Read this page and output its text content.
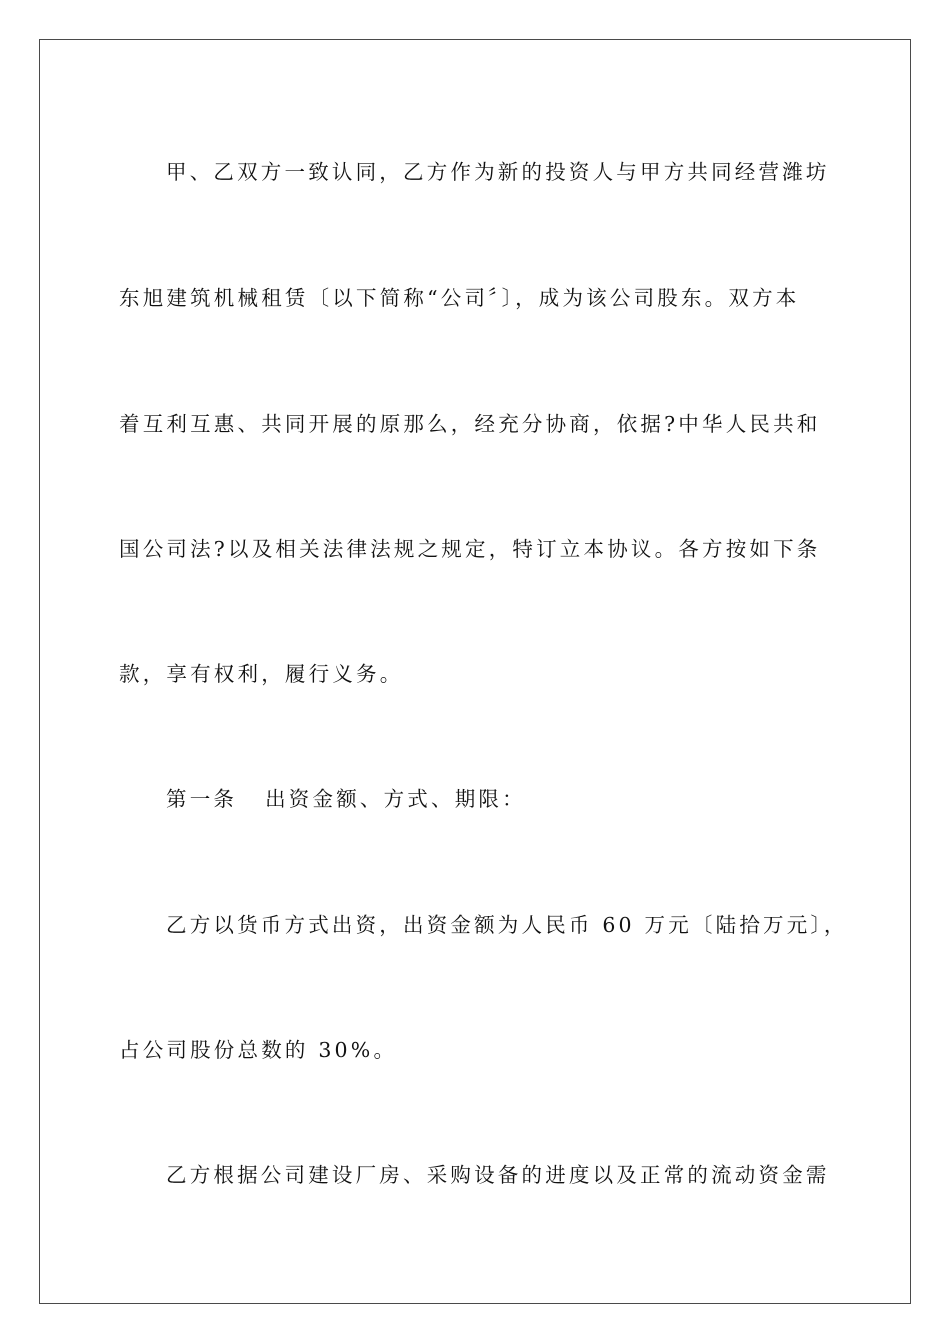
甲、乙双方一致认同，乙方作为新的投资人与甲方共同经营潍坊

东旭建筑机械租赁〔以下简称“公司〞〕，成为该公司股东。双方本

着互利互惠、共同开展的原那么，经充分协商，依据?中华人民共和

国公司法?以及相关法律法规之规定，特订立本协议。各方按如下条

款，享有权利，履行义务。

第一条 出资金额、方式、期限：

乙方以货币方式出资，出资金额为人民币 60 万元〔陆拾万元〕，

占公司股份总数的 30%。

乙方根据公司建设厂房、采购设备的进度以及正常的流动资金需
